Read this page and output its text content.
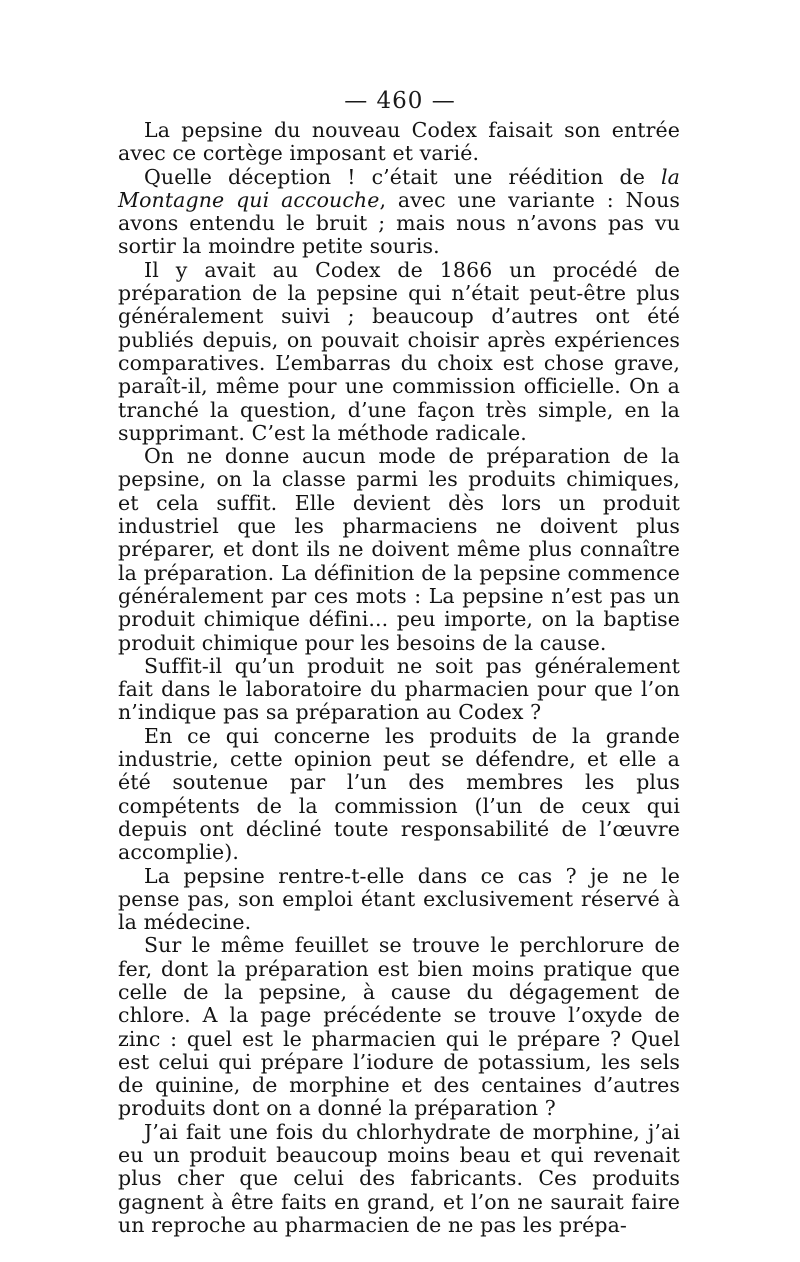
— 460 —

La pepsine du nouveau Codex faisait son entrée avec ce cortège imposant et varié.

Quelle déception ! c’était une réédition de la Montagne qui accouche, avec une variante : Nous avons entendu le bruit ; mais nous n’avons pas vu sortir la moindre petite souris.

Il y avait au Codex de 1866 un procédé de préparation de la pepsine qui n’était peut-être plus généralement suivi ; beaucoup d’autres ont été publiés depuis, on pouvait choisir après expériences comparatives. L’embarras du choix est chose grave, paraît-il, même pour une commission officielle. On a tranché la question, d’une façon très simple, en la supprimant. C’est la méthode radicale.

On ne donne aucun mode de préparation de la pepsine, on la classe parmi les produits chimiques, et cela suffit. Elle devient dès lors un produit industriel que les pharmaciens ne doivent plus préparer, et dont ils ne doivent même plus connaître la préparation. La définition de la pepsine commence généralement par ces mots : La pepsine n’est pas un produit chimique défini... peu importe, on la baptise produit chimique pour les besoins de la cause.

Suffit-il qu’un produit ne soit pas généralement fait dans le laboratoire du pharmacien pour que l’on n’indique pas sa préparation au Codex ?

En ce qui concerne les produits de la grande industrie, cette opinion peut se défendre, et elle a été soutenue par l’un des membres les plus compétents de la commission (l’un de ceux qui depuis ont décliné toute responsabilité de l’œuvre accomplie).

La pepsine rentre-t-elle dans ce cas ? je ne le pense pas, son emploi étant exclusivement réservé à la médecine.

Sur le même feuillet se trouve le perchlorure de fer, dont la préparation est bien moins pratique que celle de la pepsine, à cause du dégagement de chlore. A la page précédente se trouve l’oxyde de zinc : quel est le pharmacien qui le prépare ? Quel est celui qui prépare l’iodure de potassium, les sels de quinine, de morphine et des centaines d’autres produits dont on a donné la préparation ?

J’ai fait une fois du chlorhydrate de morphine, j’ai eu un produit beaucoup moins beau et qui revenait plus cher que celui des fabricants. Ces produits gagnent à être faits en grand, et l’on ne saurait faire un reproche au pharmacien de ne pas les prépa-
